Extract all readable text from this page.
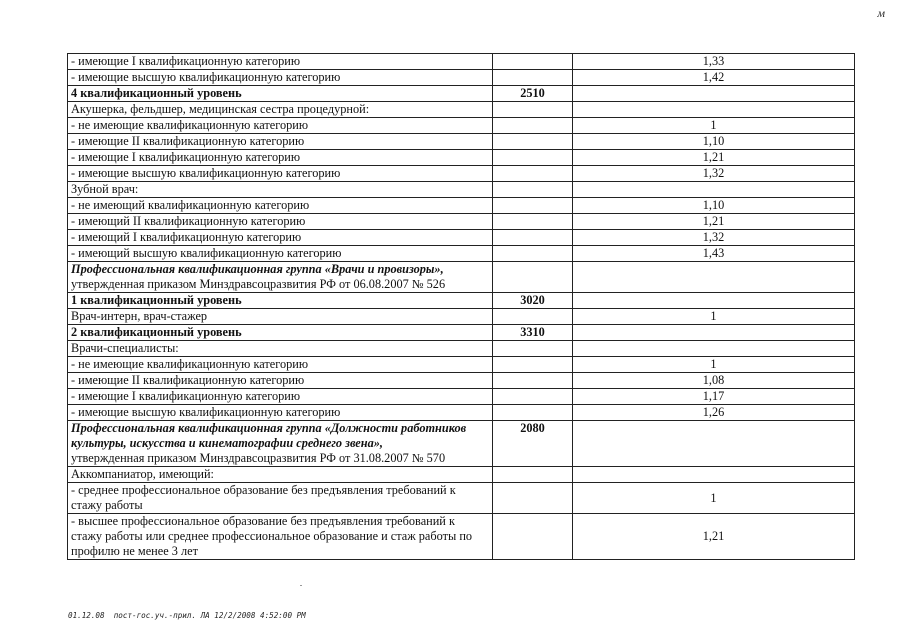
м
- имеющие I квалификационную категорию		1,33
- имеющие высшую квалификационную категорию		1,42
4 квалификационный уровень	2510	
Акушерка, фельдшер, медицинская сестра процедурной:		
- не имеющие квалификационную категорию		1
- имеющие II квалификационную категорию		1,10
- имеющие I квалификационную категорию		1,21
- имеющие высшую квалификационную категорию		1,32
Зубной врач:		
- не имеющий квалификационную категорию		1,10
- имеющий II квалификационную категорию		1,21
- имеющий I квалификационную категорию		1,32
- имеющий высшую квалификационную категорию		1,43
Профессиональная квалификационная группа «Врачи и провизоры»,
утвержденная приказом Минздравсоцразвития РФ от 06.08.2007 № 526		
1 квалификационный уровень	3020	
Врач-интерн, врач-стажер		1
2 квалификационный уровень	3310	
Врачи-специалисты:		
- не имеющие квалификационную категорию		1
- имеющие II квалификационную категорию		1,08
- имеющие I квалификационную категорию		1,17
- имеющие высшую квалификационную категорию		1,26
Профессиональная квалификационная группа «Должности работников культуры, искусства и кинематографии среднего звена»,
утвержденная приказом Минздравсоцразвития РФ от 31.08.2007 № 570	2080	
Аккомпаниатор, имеющий:		
- среднее профессиональное образование без предъявления требований к стажу работы		1
- высшее профессиональное образование без предъявления требований к стажу работы или среднее профессиональное образование и стаж работы по профилю не менее 3 лет		1,21
01.12.08  пост-гос.уч.-прил. ЛА 12/2/2008 4:52:00 PM
